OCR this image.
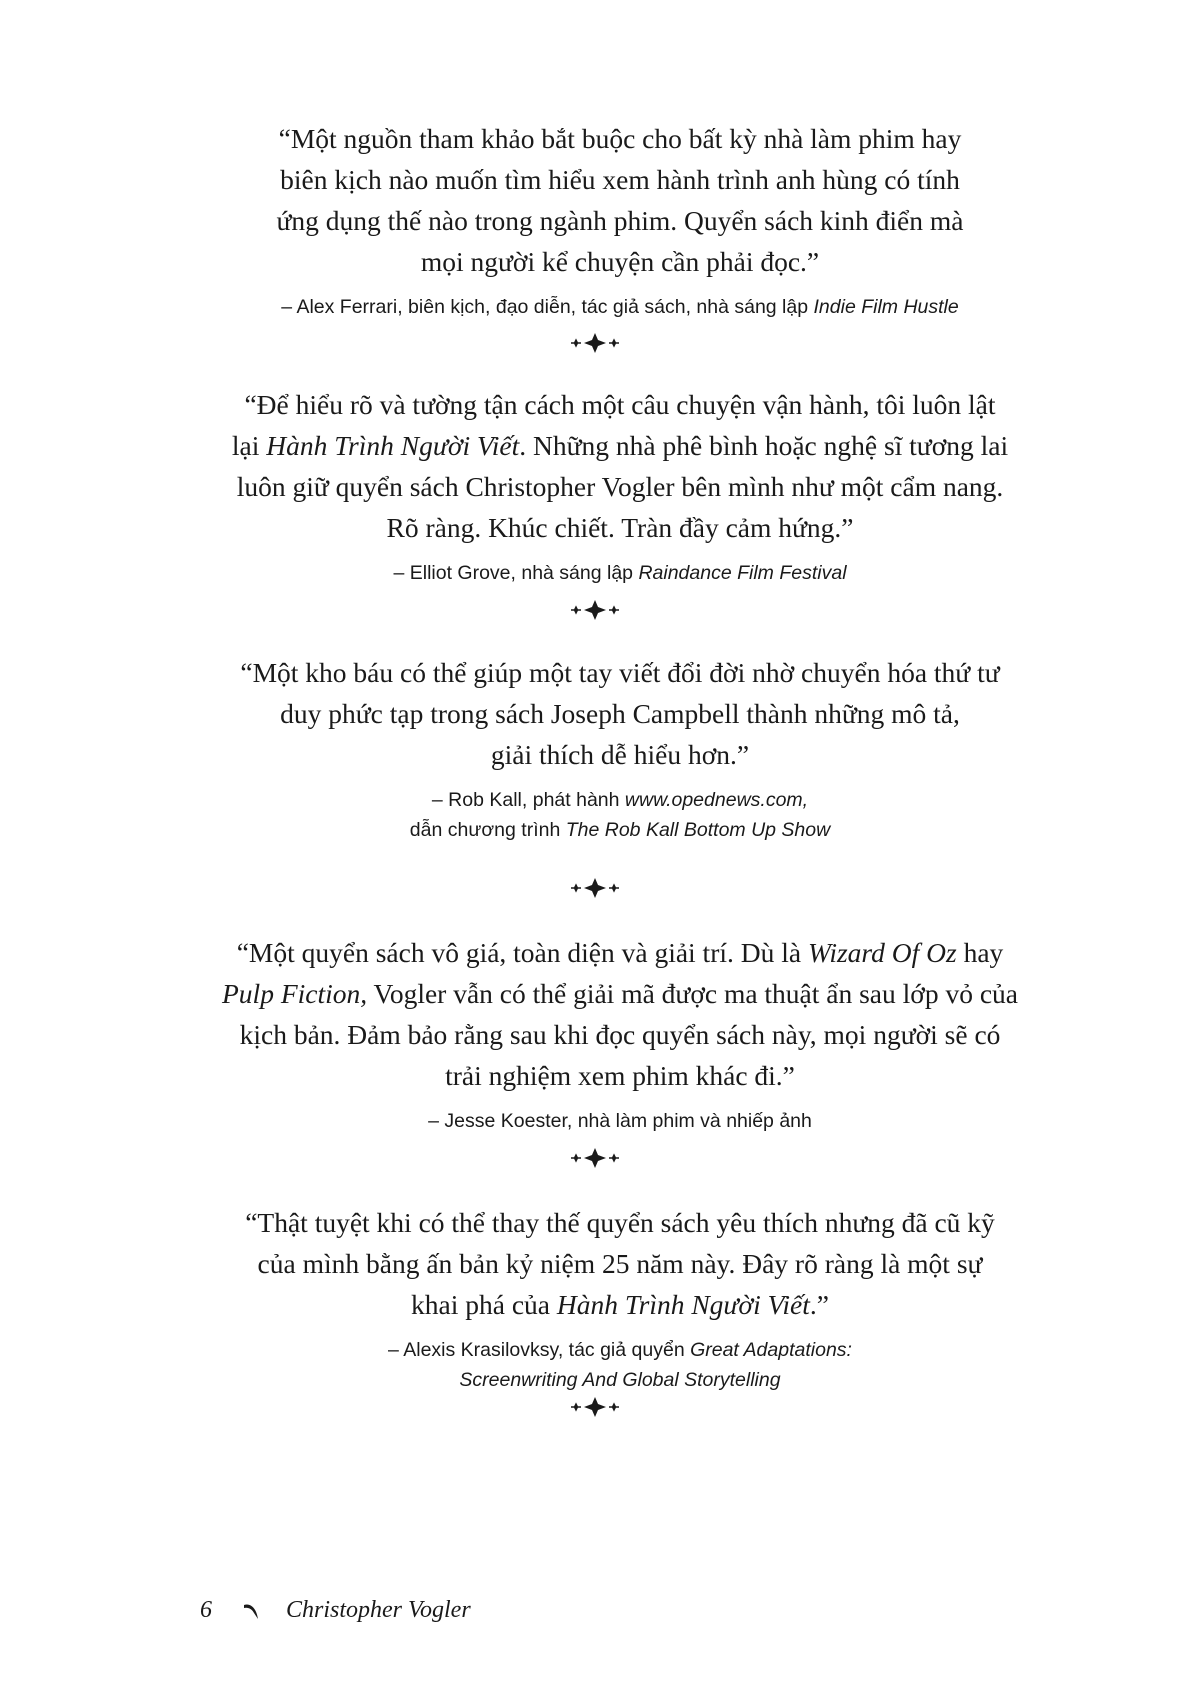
“Một nguồn tham khảo bắt buộc cho bất kỳ nhà làm phim hay
biên kịch nào muốn tìm hiểu xem hành trình anh hùng có tính
ứng dụng thế nào trong ngành phim. Quyển sách kinh điển mà
mọi người kể chuyện cần phải đọc.”
– Alex Ferrari, biên kịch, đạo diễn, tác giả sách, nhà sáng lập Indie Film Hustle
“Để hiểu rõ và tường tận cách một câu chuyện vận hành, tôi luôn lật
lại Hành Trình Người Viết. Những nhà phê bình hoặc nghệ sĩ tương lai
luôn giữ quyển sách Christopher Vogler bên mình như một cẩm nang.
Rõ ràng. Khúc chiết. Tràn đầy cảm hứng.”
– Elliot Grove, nhà sáng lập Raindance Film Festival
“Một kho báu có thể giúp một tay viết đổi đời nhờ chuyển hóa thứ tư
duy phức tạp trong sách Joseph Campbell thành những mô tả,
giải thích dễ hiểu hơn.”
– Rob Kall, phát hành www.opednews.com,
dẫn chương trình The Rob Kall Bottom Up Show
“Một quyển sách vô giá, toàn diện và giải trí. Dù là Wizard Of Oz hay
Pulp Fiction, Vogler vẫn có thể giải mã được ma thuật ẩn sau lớp vỏ của
kịch bản. Đảm bảo rằng sau khi đọc quyển sách này, mọi người sẽ có
trải nghiệm xem phim khác đi.”
– Jesse Koester, nhà làm phim và nhiếp ảnh
“Thật tuyệt khi có thể thay thế quyển sách yêu thích nhưng đã cũ kỹ
của mình bằng ấn bản kỷ niệm 25 năm này. Đây rõ ràng là một sự
khai phá của Hành Trình Người Viết.”
– Alexis Krasilovksy, tác giả quyển Great Adaptations:
Screenwriting And Global Storytelling
6	Christopher Vogler
